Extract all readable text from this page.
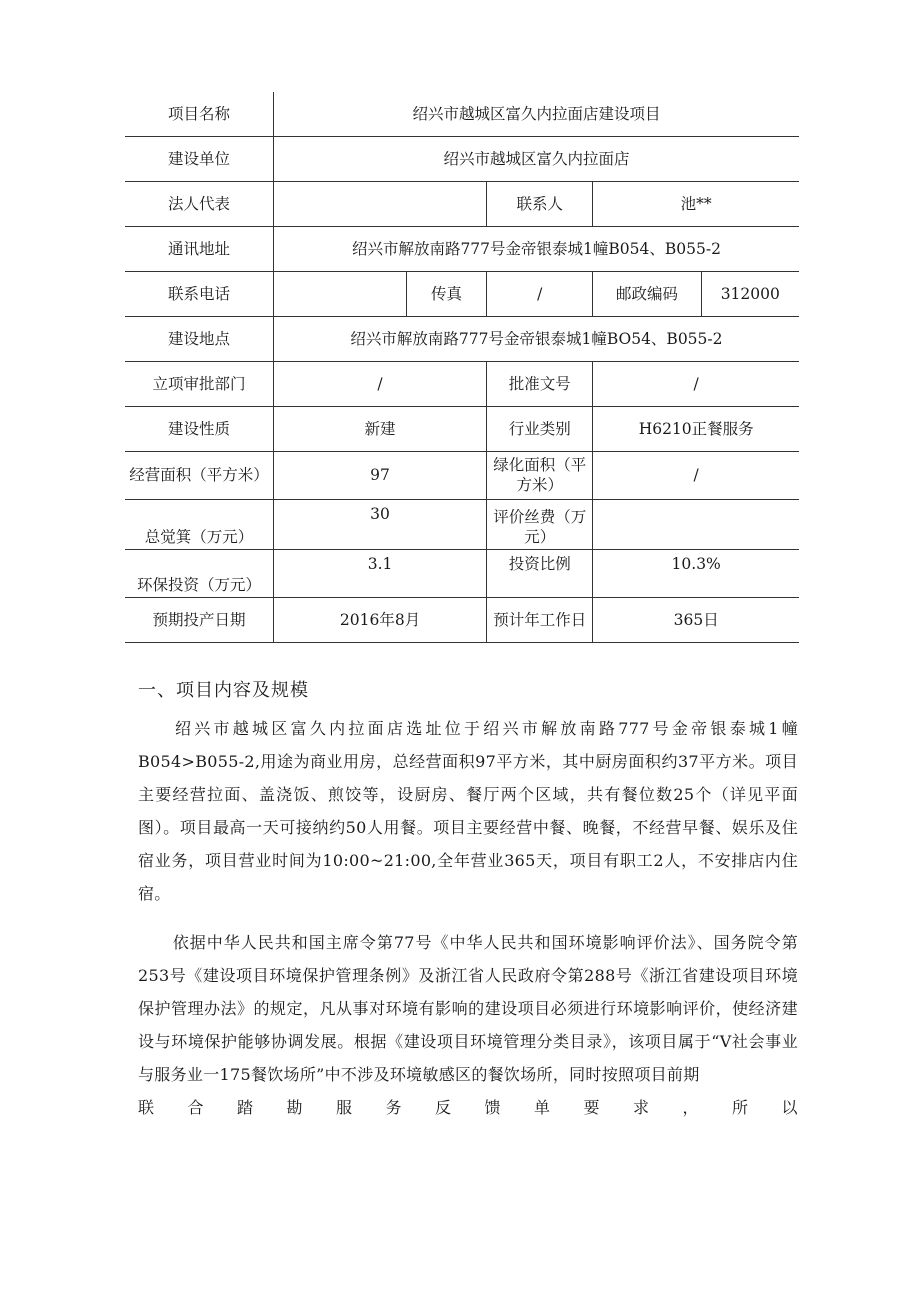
项目名称	绍兴市越城区富久内拉面店建设项目				
建设单位	绍兴市越城区富久内拉面店				
法人代表			联系人	池**	
通讯地址	绍兴市解放南路777号金帝银泰城1幢B054、B055-2				
联系电话		传真	/	邮政编码	312000
建设地点	绍兴市解放南路777号金帝银泰城1幢BO54、B055-2				
立项审批部门	/		批准文号	/	
建设性质	新建		行业类别	H6210正餐服务	
经营面积（平方米）	97		绿化面积（平方米）	/	
总觉箕（万元）	30		评价丝费（万元）		
环保投资（万元）	3.1		投资比例	10.3%	
预期投产日期	2016年8月		预计年工作日	365日	
一、项目内容及规模

绍兴市越城区富久内拉面店选址位于绍兴市解放南路777号金帝银泰城1幢B054>B055-2,用途为商业用房，总经营面积97平方米，其中厨房面积约37平方米。项目主要经营拉面、盖浇饭、煎饺等，设厨房、餐厅两个区域，共有餐位数25个（详见平面图）。项目最高一天可接纳约50人用餐。项目主要经营中餐、晚餐，不经营早餐、娱乐及住宿业务，项目营业时间为10:00~21:00,全年营业365天，项目有职工2人，不安排店内住宿。

依据中华人民共和国主席令第77号《中华人民共和国环境影响评价法》、国务院令第253号《建设项目环境保护管理条例》及浙江省人民政府令第288号《浙江省建设项目环境保护管理办法》的规定，凡从事对环境有影响的建设项目必须进行环境影响评价，使经济建设与环境保护能够协调发展。根据《建设项目环境管理分类目录》，该项目属于“V社会事业与服务业一175餐饮场所”中不涉及环境敏感区的餐饮场所，同时按照项目前期
联 合 踏 勘 服 务 反 馈 单 要 求 ， 所 以
